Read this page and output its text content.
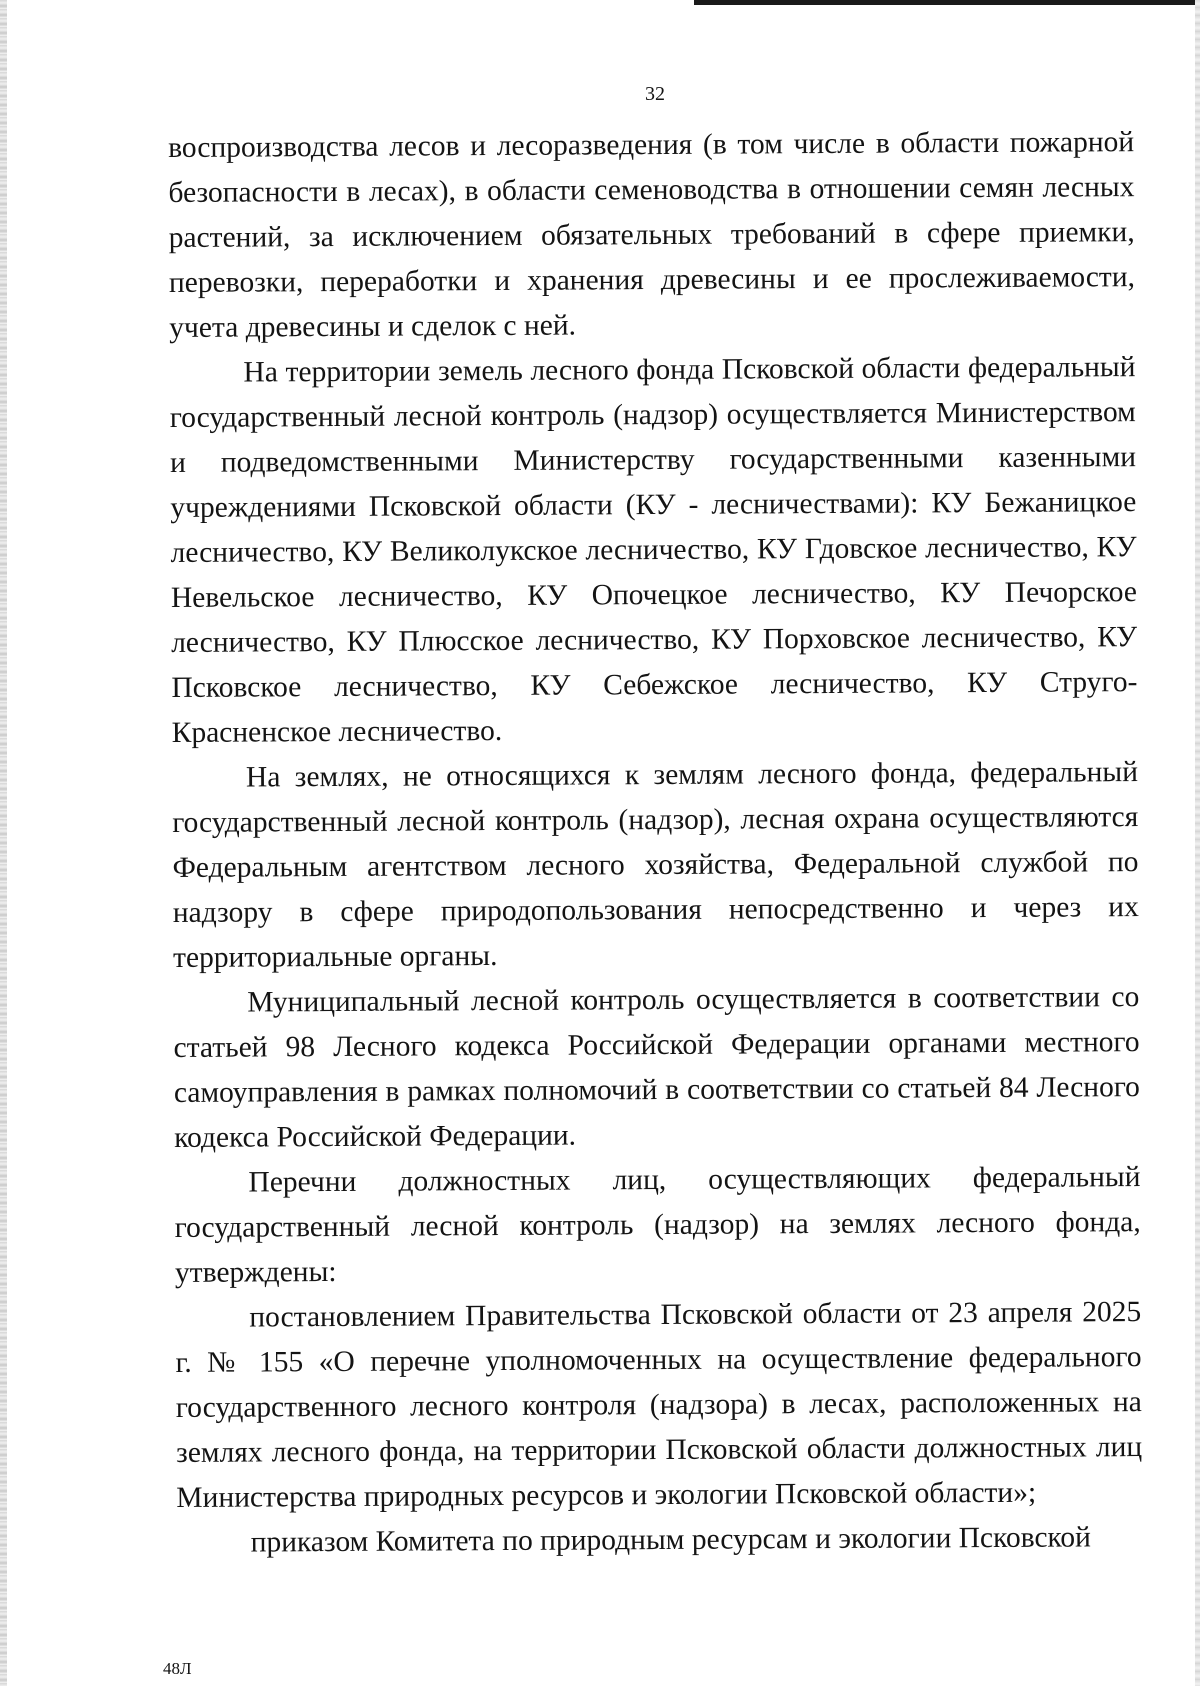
32

воспроизводства лесов и лесоразведения (в том числе в области пожарной безопасности в лесах), в области семеноводства в отношении семян лесных растений, за исключением обязательных требований в сфере приемки, перевозки, переработки и хранения древесины и ее прослеживаемости, учета древесины и сделок с ней.

На территории земель лесного фонда Псковской области федеральный государственный лесной контроль (надзор) осуществляется Министерством и подведомственными Министерству государственными казенными учреждениями Псковской области (КУ - лесничествами): КУ Бежаницкое лесничество, КУ Великолукское лесничество, КУ Гдовское лесничество, КУ Невельское лесничество, КУ Опочецкое лесничество, КУ Печорское лесничество, КУ Плюсское лесничество, КУ Порховское лесничество, КУ Псковское лесничество, КУ Себежское лесничество, КУ Струго-Красненское лесничество.

На землях, не относящихся к землям лесного фонда, федеральный государственный лесной контроль (надзор), лесная охрана осуществляются Федеральным агентством лесного хозяйства, Федеральной службой по надзору в сфере природопользования непосредственно и через их территориальные органы.

Муниципальный лесной контроль осуществляется в соответствии со статьей 98 Лесного кодекса Российской Федерации органами местного самоуправления в рамках полномочий в соответствии со статьей 84 Лесного кодекса Российской Федерации.

Перечни должностных лиц, осуществляющих федеральный государственный лесной контроль (надзор) на землях лесного фонда, утверждены:

постановлением Правительства Псковской области от 23 апреля 2025 г. № 155 «О перечне уполномоченных на осуществление федерального государственного лесного контроля (надзора) в лесах, расположенных на землях лесного фонда, на территории Псковской области должностных лиц Министерства природных ресурсов и экологии Псковской области»;

приказом Комитета по природным ресурсам и экологии Псковской

48Л
